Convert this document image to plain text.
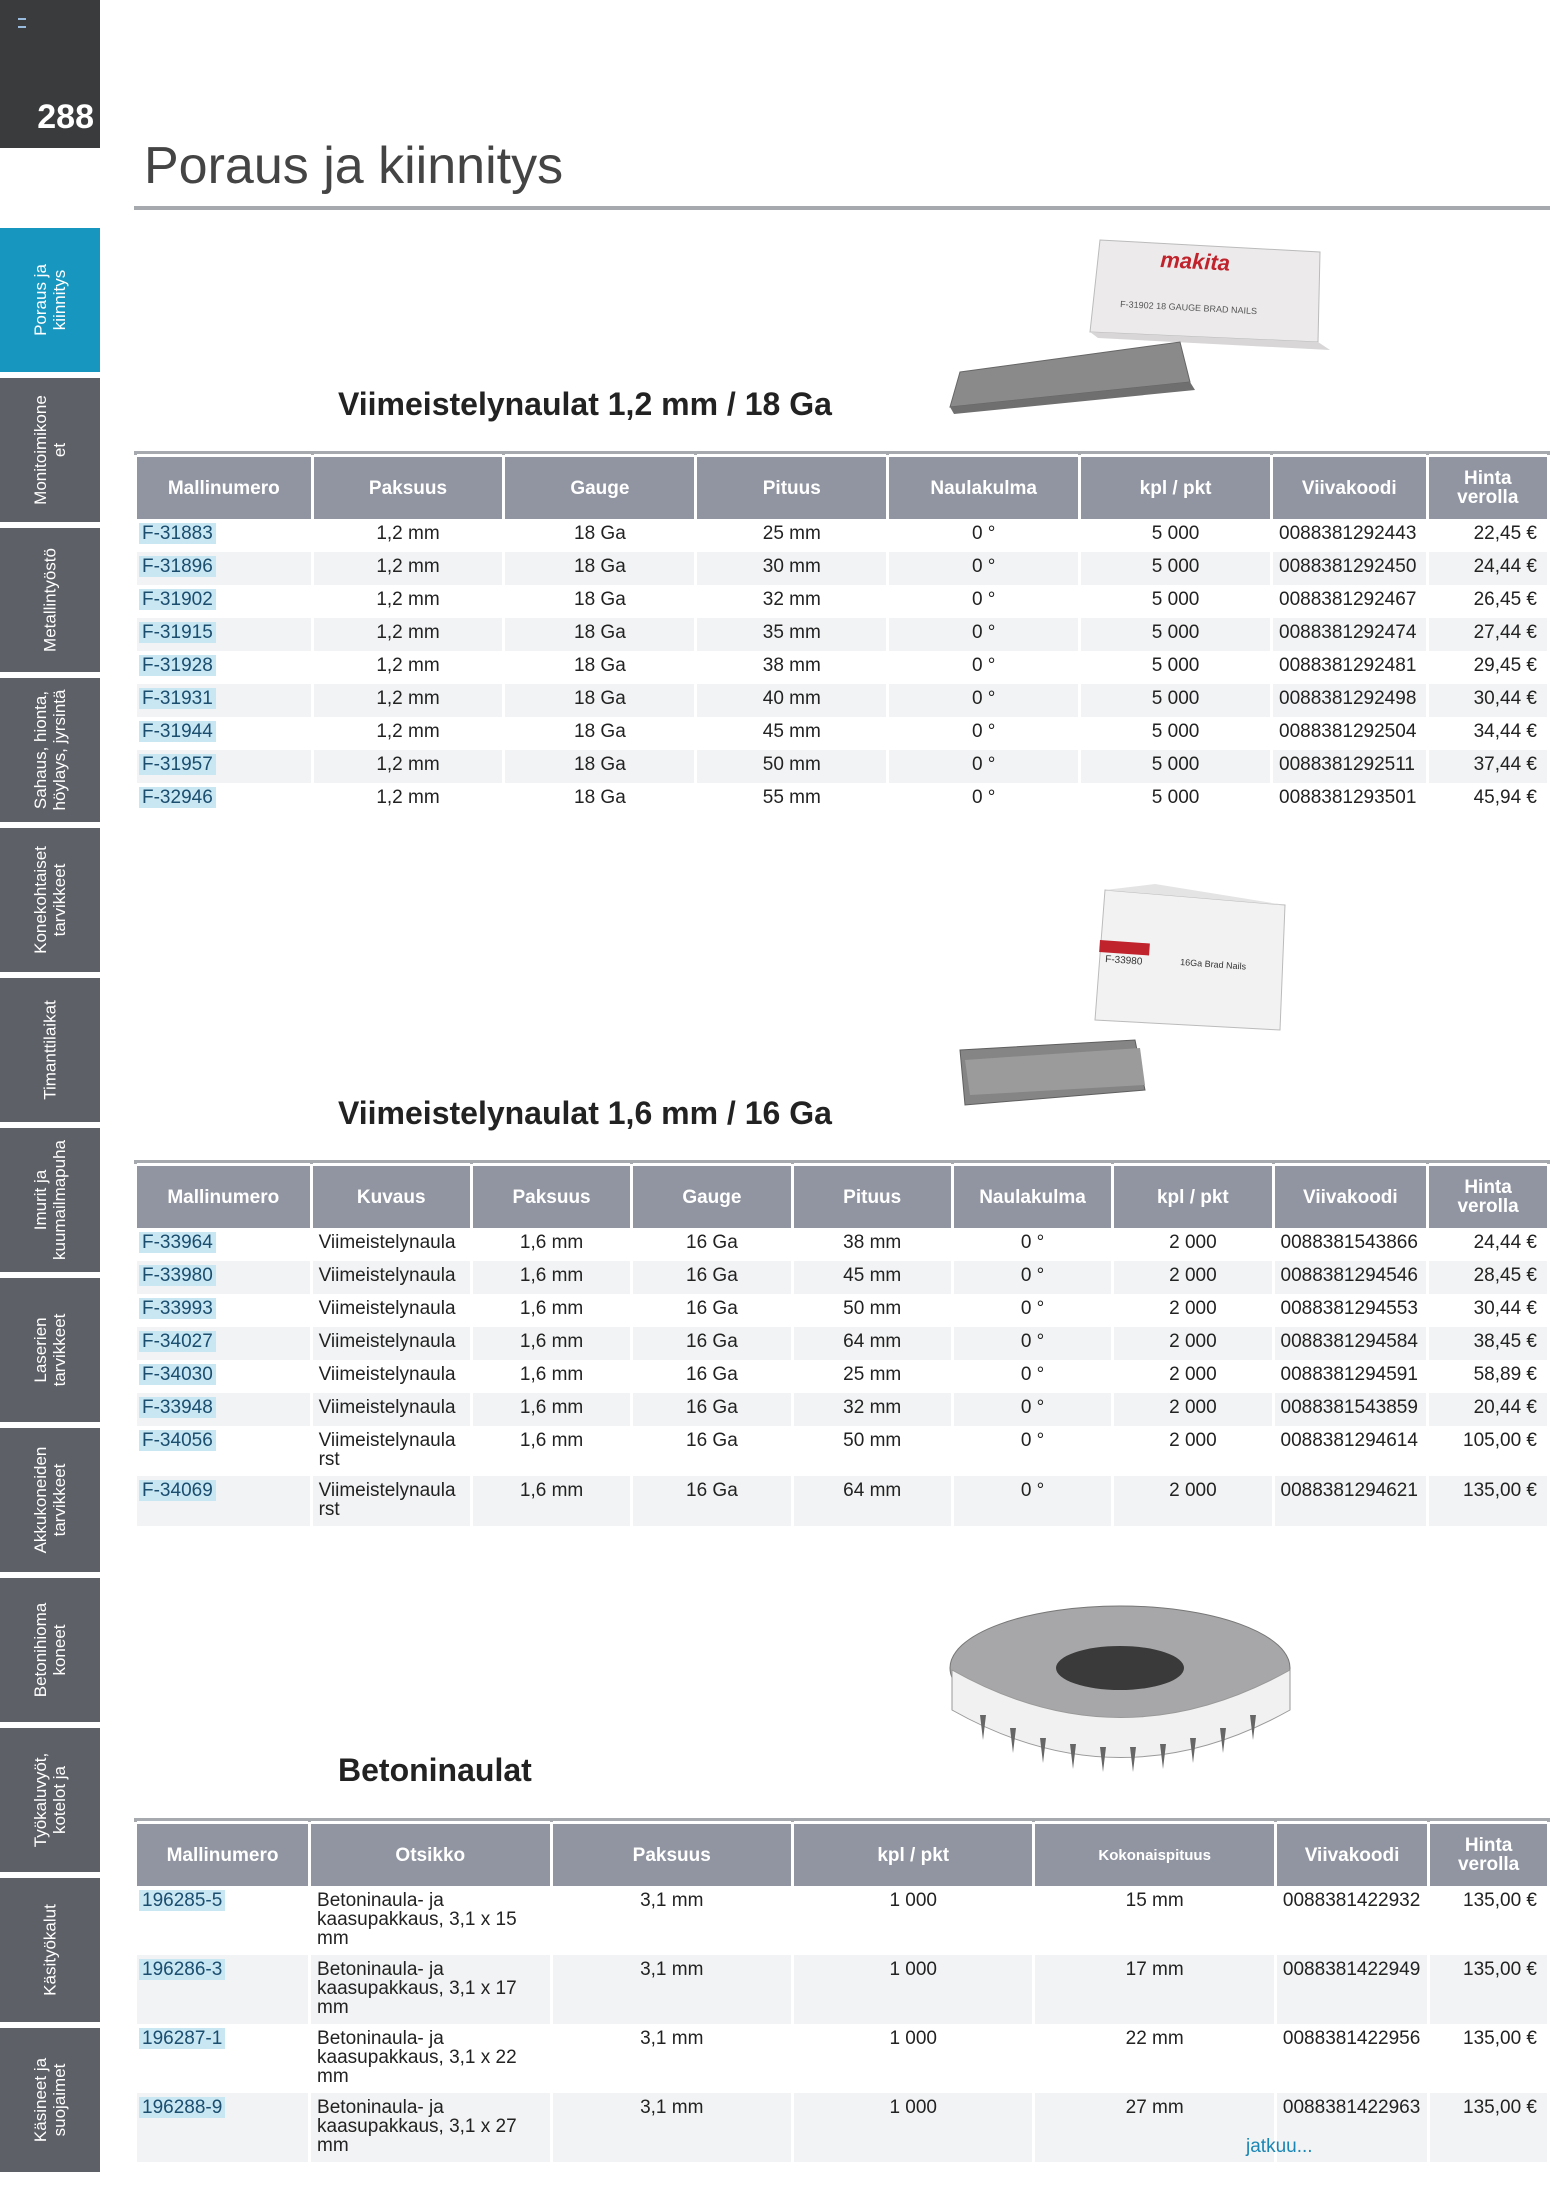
288
Poraus ja
kiinnitys
Monitoimikone
et
Metallintyöstö
Sahaus, hionta,
höylays, jyrsintä
Konekohtaiset
tarvikkeet
Timanttilaikat
Imurit ja
kuumailmapuha
Laserien
tarvikkeet
Akkukoneiden
tarvikkeet
Betonihioma
koneet
Työkaluvyöt,
kotelot ja
Käsityökalut
Käsineet ja
suojaimet
Poraus ja kiinnitys
makita
F-31902 18 GAUGE BRAD NAILS
Viimeistelynaulat 1,2 mm / 18 Ga
Mallinumero	Paksuus	Gauge	Pituus	Naulakulma	kpl / pkt	Viivakoodi	Hinta
verolla
F-31883	1,2 mm	18 Ga	25 mm	0 °	5 000	0088381292443	22,45 €
F-31896	1,2 mm	18 Ga	30 mm	0 °	5 000	0088381292450	24,44 €
F-31902	1,2 mm	18 Ga	32 mm	0 °	5 000	0088381292467	26,45 €
F-31915	1,2 mm	18 Ga	35 mm	0 °	5 000	0088381292474	27,44 €
F-31928	1,2 mm	18 Ga	38 mm	0 °	5 000	0088381292481	29,45 €
F-31931	1,2 mm	18 Ga	40 mm	0 °	5 000	0088381292498	30,44 €
F-31944	1,2 mm	18 Ga	45 mm	0 °	5 000	0088381292504	34,44 €
F-31957	1,2 mm	18 Ga	50 mm	0 °	5 000	0088381292511	37,44 €
F-32946	1,2 mm	18 Ga	55 mm	0 °	5 000	0088381293501	45,94 €
F-33980	16Ga Brad Nails
Viimeistelynaulat 1,6 mm / 16 Ga
Mallinumero	Kuvaus	Paksuus	Gauge	Pituus	Naulakulma	kpl / pkt	Viivakoodi	Hinta
verolla
F-33964	Viimeistelynaula	1,6 mm	16 Ga	38 mm	0 °	2 000	0088381543866	24,44 €
F-33980	Viimeistelynaula	1,6 mm	16 Ga	45 mm	0 °	2 000	0088381294546	28,45 €
F-33993	Viimeistelynaula	1,6 mm	16 Ga	50 mm	0 °	2 000	0088381294553	30,44 €
F-34027	Viimeistelynaula	1,6 mm	16 Ga	64 mm	0 °	2 000	0088381294584	38,45 €
F-34030	Viimeistelynaula	1,6 mm	16 Ga	25 mm	0 °	2 000	0088381294591	58,89 €
F-33948	Viimeistelynaula	1,6 mm	16 Ga	32 mm	0 °	2 000	0088381543859	20,44 €
F-34056	Viimeistelynaula
rst	1,6 mm	16 Ga	50 mm	0 °	2 000	0088381294614	105,00 €
F-34069	Viimeistelynaula
rst	1,6 mm	16 Ga	64 mm	0 °	2 000	0088381294621	135,00 €
Betoninaulat
Mallinumero	Otsikko	Paksuus	kpl / pkt	Kokonaispituus	Viivakoodi	Hinta
verolla
196285-5	Betoninaula- ja
kaasupakkaus, 3,1 x 15 mm	3,1 mm	1 000	15 mm	0088381422932	135,00 €
196286-3	Betoninaula- ja
kaasupakkaus, 3,1 x 17 mm	3,1 mm	1 000	17 mm	0088381422949	135,00 €
196287-1	Betoninaula- ja
kaasupakkaus, 3,1 x 22 mm	3,1 mm	1 000	22 mm	0088381422956	135,00 €
196288-9	Betoninaula- ja
kaasupakkaus, 3,1 x 27 mm	3,1 mm	1 000	27 mm	0088381422963	135,00 €
jatkuu...
